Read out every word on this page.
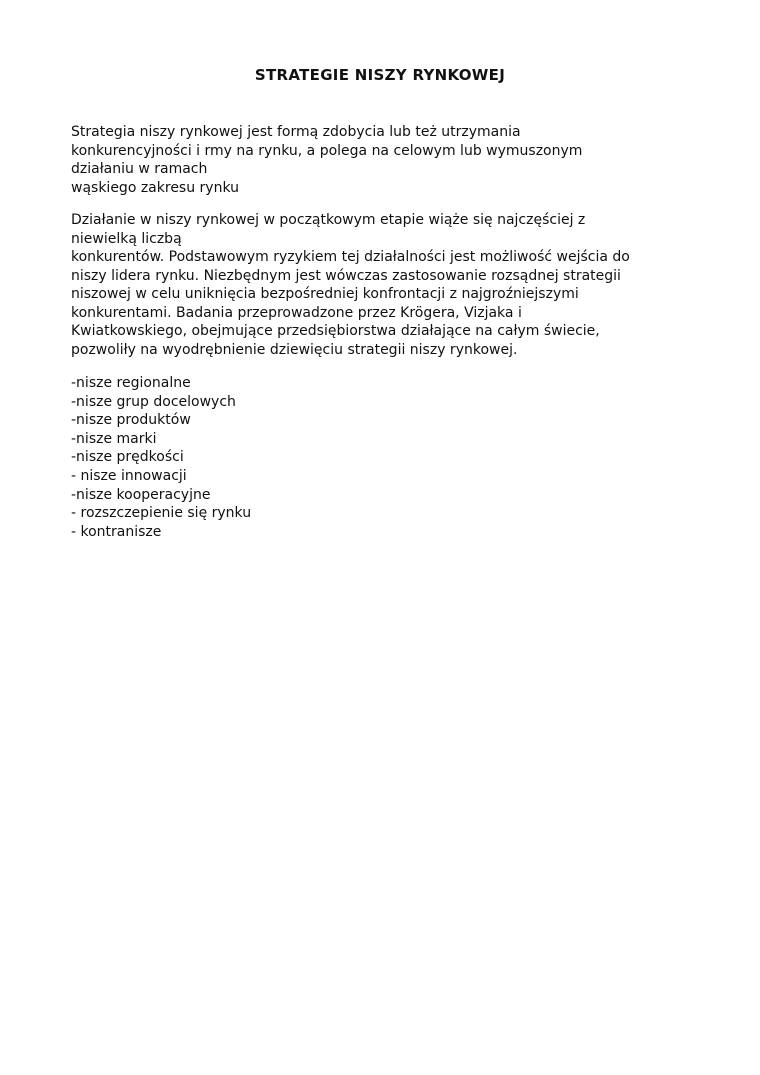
STRATEGIE NISZY RYNKOWEJ
Strategia niszy rynkowej jest formą zdobycia lub też utrzymania
konkurencyjności i rmy na rynku, a polega na celowym lub wymuszonym
działaniu w ramach
wąskiego zakresu rynku
Działanie w niszy rynkowej w początkowym etapie wiąże się najczęściej z
niewielką liczbą
konkurentów. Podstawowym ryzykiem tej działalności jest możliwość wejścia do
niszy lidera rynku. Niezbędnym jest wówczas zastosowanie rozsądnej strategii
niszowej w celu uniknięcia bezpośredniej konfrontacji z najgroźniejszymi
konkurentami. Badania przeprowadzone przez Krögera, Vizjaka i
Kwiatkowskiego, obejmujące przedsiębiorstwa działające na całym świecie,
pozwoliły na wyodrębnienie dziewięciu strategii niszy rynkowej.
-nisze regionalne
-nisze grup docelowych
-nisze produktów
-nisze marki
-nisze prędkości
- nisze innowacji
-nisze kooperacyjne
- rozszczepienie się rynku
- kontranisze
